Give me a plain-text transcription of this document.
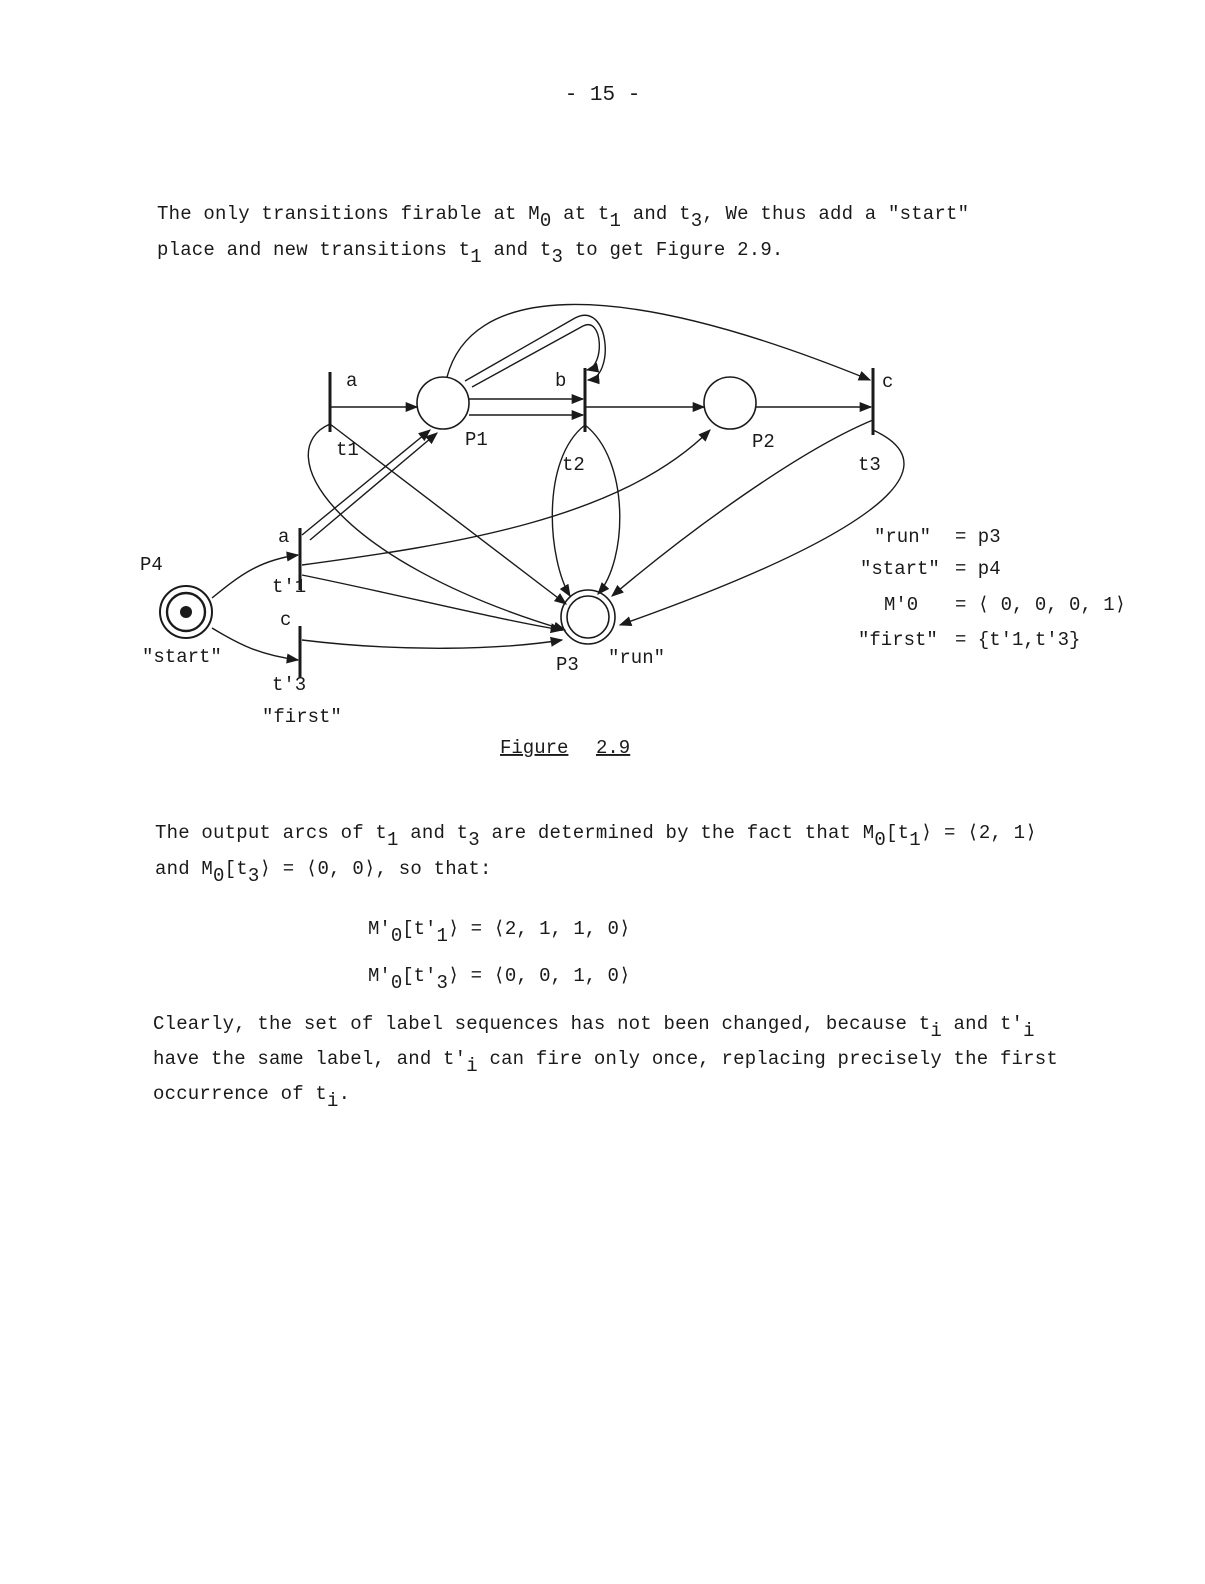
- 15 -
The only transitions firable at $M_0$ at $t_1$ and $t_3$, We thus add a "start"
place and new transitions $t_1$ and $t_3$ to get Figure 2.9.
a	b	c
t1	P1
t2
P2
t3
a
t'1
c
t'3
P4
"start"
"first"
P3 "run"
"run" = p3
"start" = p4
M'0 = ⟨ 0, 0, 0, 1⟩
"first" = {t'1,t'3}
Figure 2.9
The output arcs of $t_1$ and $t_3$ are determined by the fact that $M_0[t_1⟩$ = ⟨2, 1⟩
and $M_0[t_3⟩$ = ⟨0, 0⟩, so that:
$M'_0[t'_1⟩$ = ⟨2, 1, 1, 0⟩
$M'_0[t'_3⟩$ = ⟨0, 0, 1, 0⟩
Clearly, the set of label sequences has not been changed, because $t_i$ and $t'_i$
have the same label, and $t'_i$ can fire only once, replacing precisely the first
occurrence of $t_i$.
